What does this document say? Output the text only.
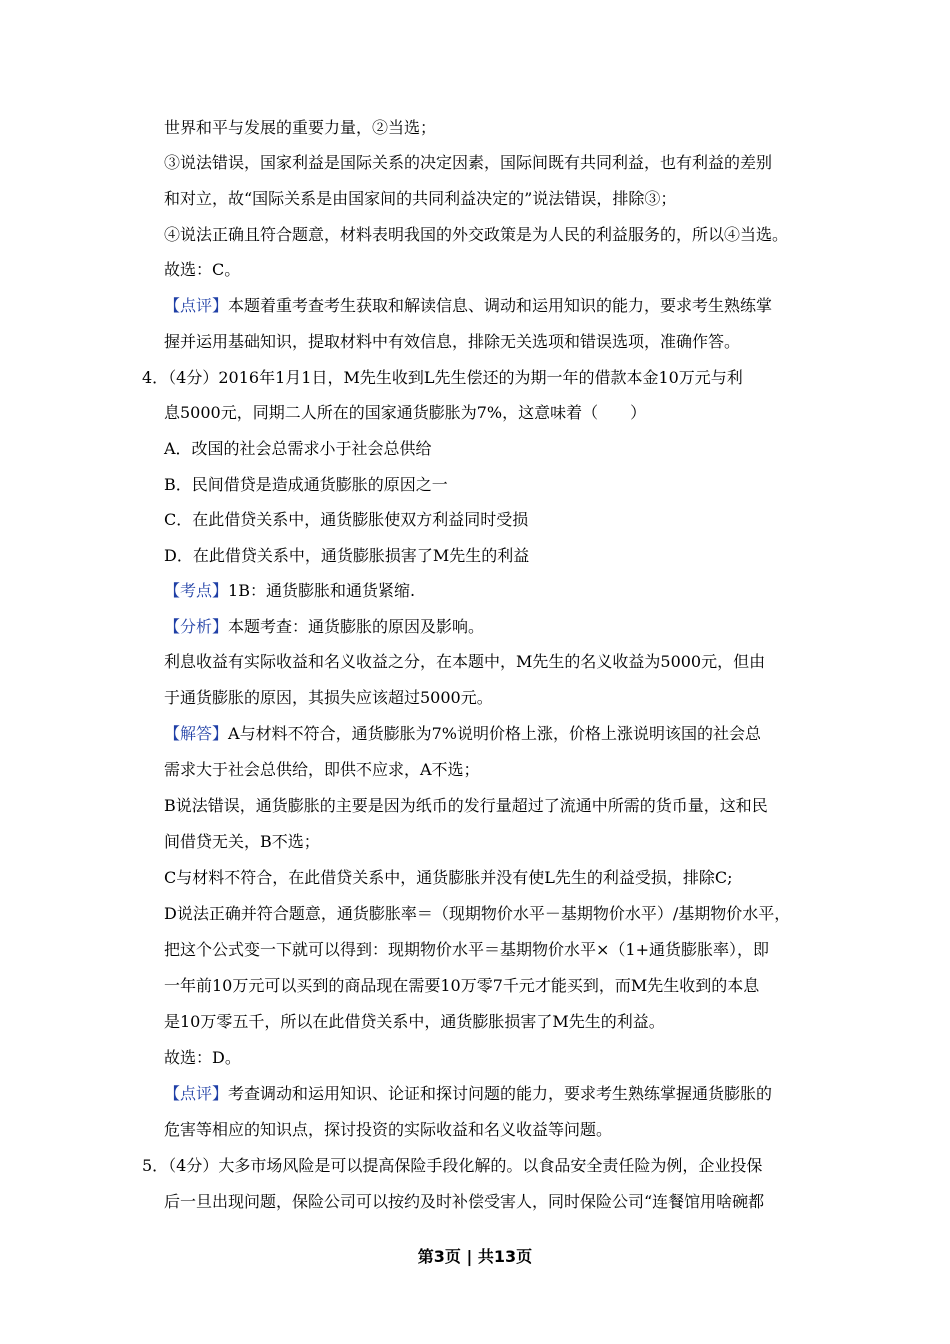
世界和平与发展的重要力量，②当选；
③说法错误，国家利益是国际关系的决定因素，国际间既有共同利益，也有利益的差别
和对立，故“国际关系是由国家间的共同利益决定的”说法错误，排除③；
④说法正确且符合题意，材料表明我国的外交政策是为人民的利益服务的，所以④当选。
故选：C。
【点评】本题着重考查考生获取和解读信息、调动和运用知识的能力，要求考生熟练掌
握并运用基础知识，提取材料中有效信息，排除无关选项和错误选项，准确作答。
4．（4分）2016年1月1日，M先生收到L先生偿还的为期一年的借款本金10万元与利
息5000元，同期二人所在的国家通货膨胀为7%，这意味着（　　）
A．改国的社会总需求小于社会总供给
B．民间借贷是造成通货膨胀的原因之一
C．在此借贷关系中，通货膨胀使双方利益同时受损
D．在此借贷关系中，通货膨胀损害了M先生的利益
【考点】1B：通货膨胀和通货紧缩.
【分析】本题考查：通货膨胀的原因及影响。
利息收益有实际收益和名义收益之分，在本题中，M先生的名义收益为5000元，但由
于通货膨胀的原因，其损失应该超过5000元。
【解答】A与材料不符合，通货膨胀为7%说明价格上涨，价格上涨说明该国的社会总
需求大于社会总供给，即供不应求，A不选；
B说法错误，通货膨胀的主要是因为纸币的发行量超过了流通中所需的货币量，这和民
间借贷无关，B不选；
C与材料不符合，在此借贷关系中，通货膨胀并没有使L先生的利益受损，排除C;
D说法正确并符合题意，通货膨胀率＝（现期物价水平－基期物价水平）/基期物价水平，
把这个公式变一下就可以得到：现期物价水平＝基期物价水平×（1+通货膨胀率），即
一年前10万元可以买到的商品现在需要10万零7千元才能买到，而M先生收到的本息
是10万零五千，所以在此借贷关系中，通货膨胀损害了M先生的利益。
故选：D。
【点评】考查调动和运用知识、论证和探讨问题的能力，要求考生熟练掌握通货膨胀的
危害等相应的知识点，探讨投资的实际收益和名义收益等问题。
5．（4分）大多市场风险是可以提高保险手段化解的。以食品安全责任险为例，企业投保
后一旦出现问题，保险公司可以按约及时补偿受害人，同时保险公司“连餐馆用啥碗都
第3页 | 共13页
